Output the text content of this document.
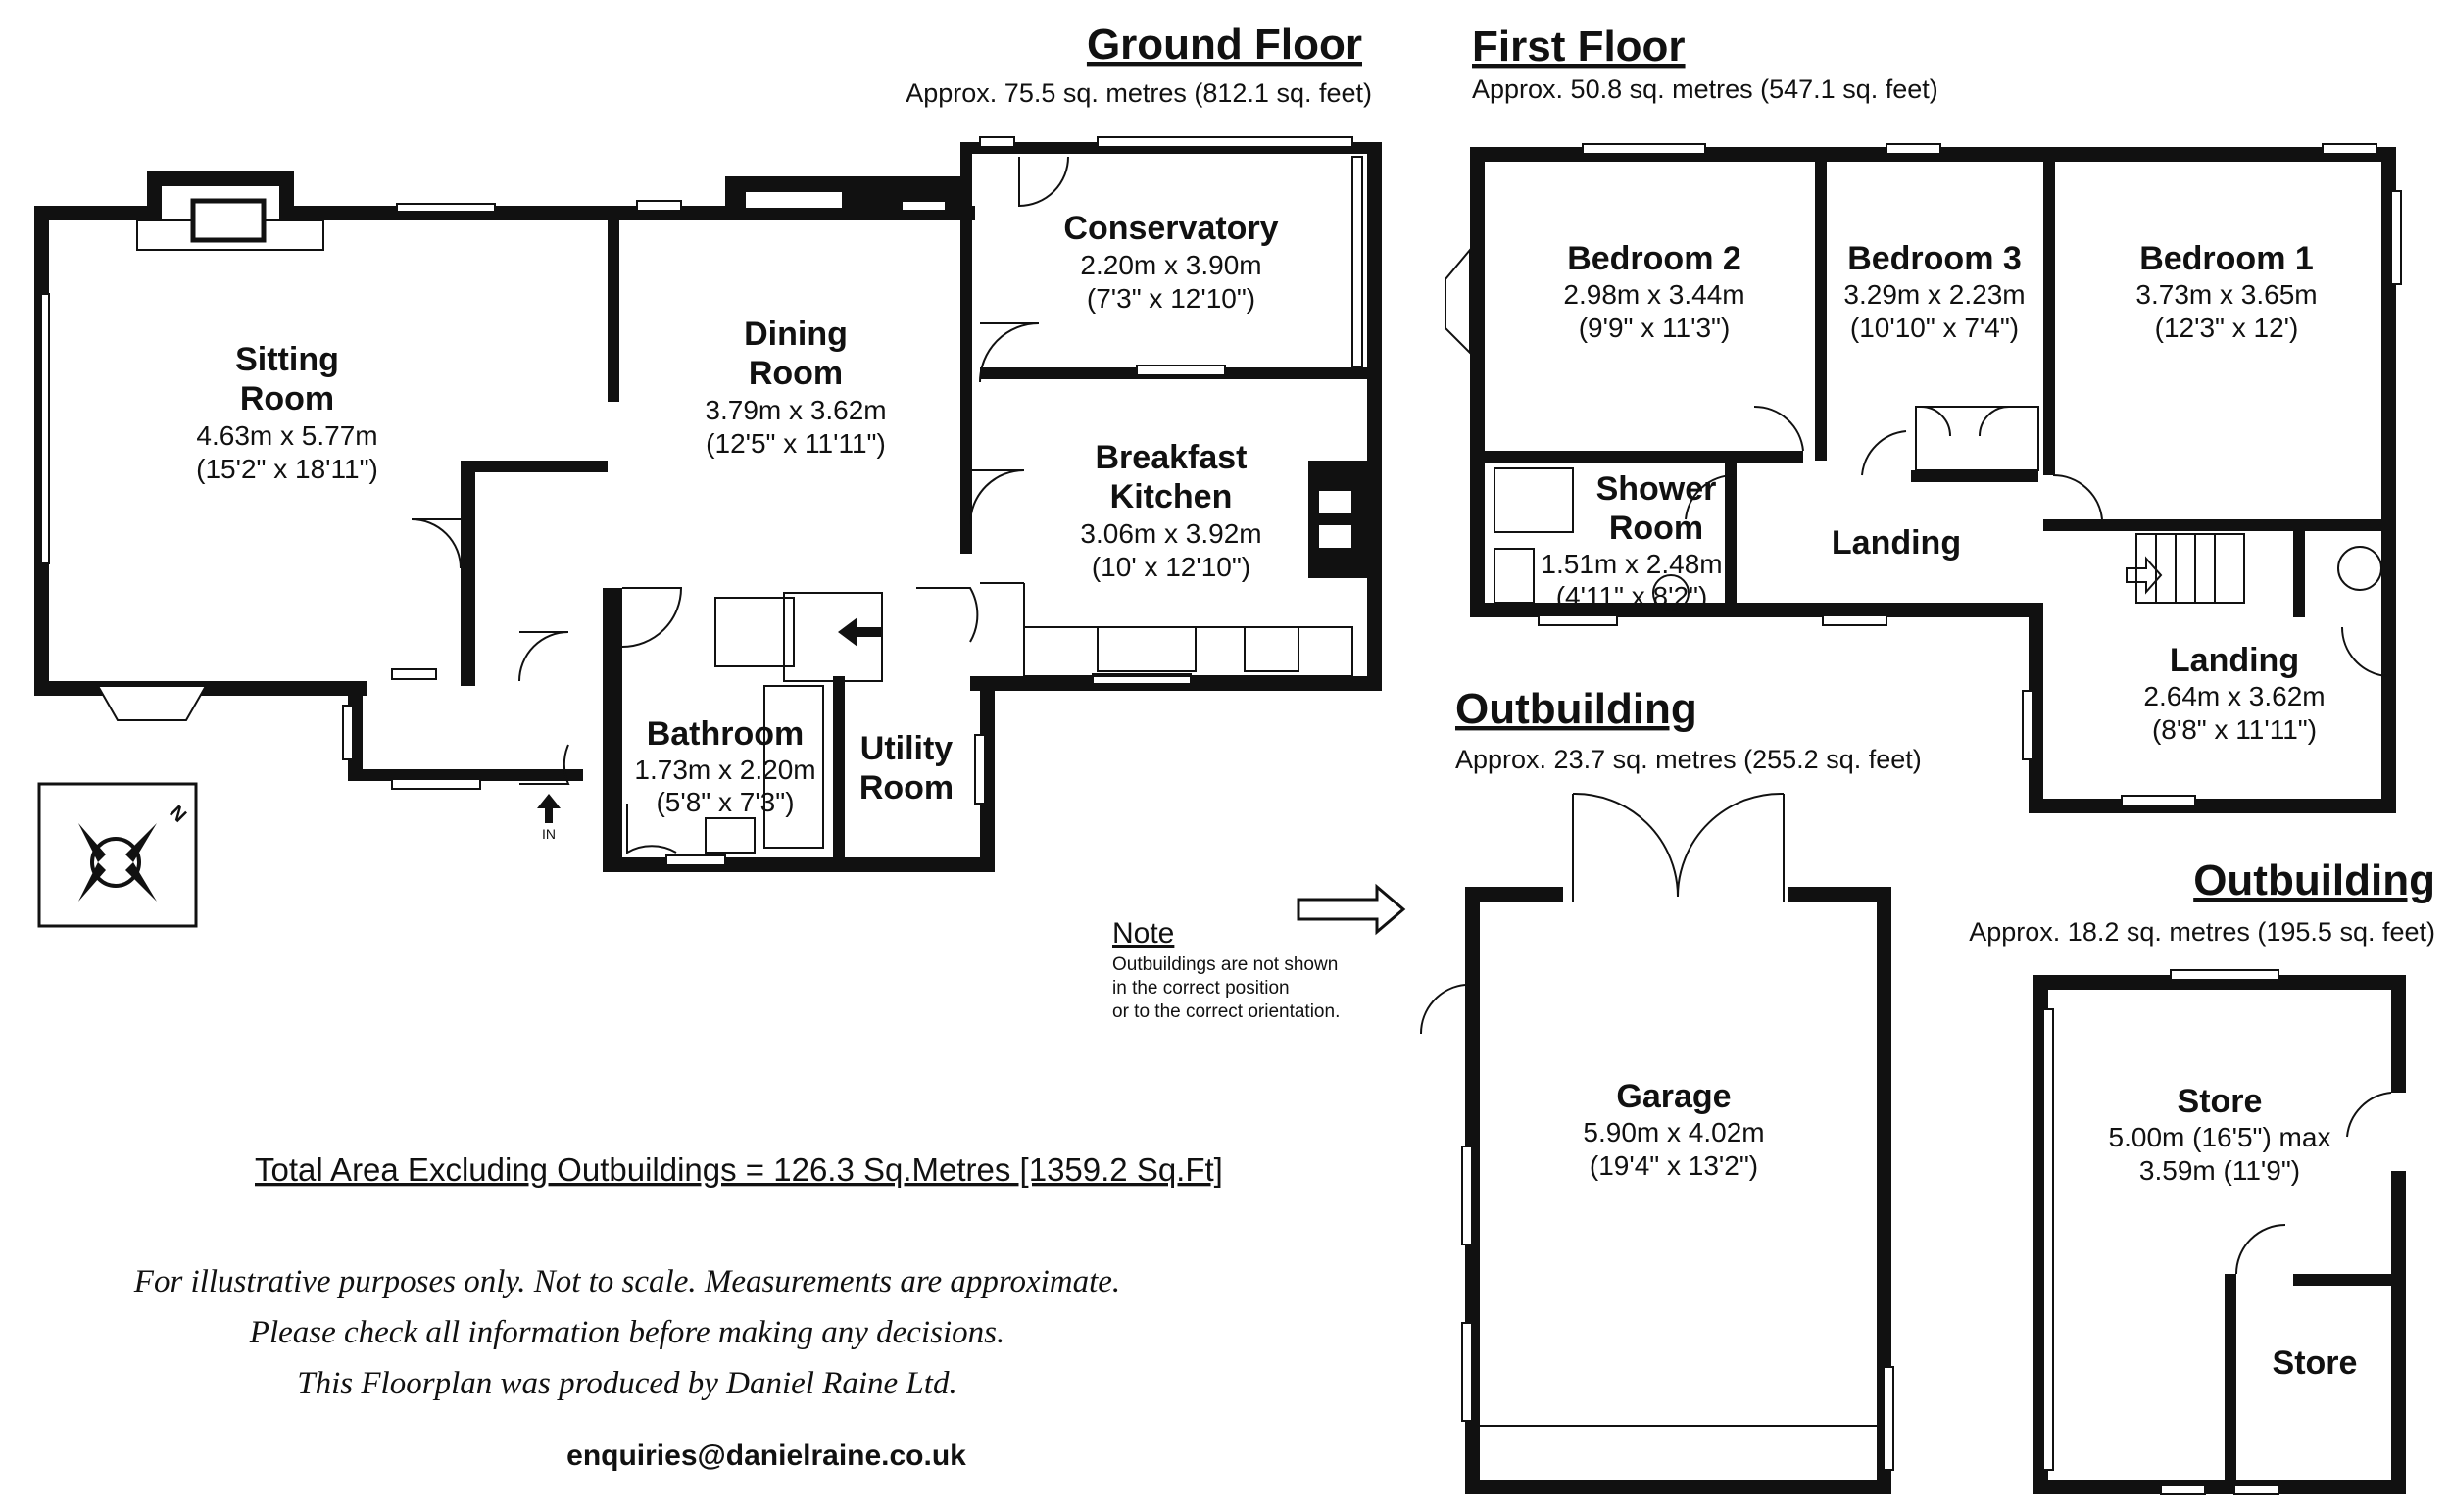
Sitting
Room
4.63m x 5.77m
(15'2" x 18'11")
Dining
Room
3.79m x 3.62m
(12'5" x 11'11")
Conservatory
2.20m x 3.90m
(7'3" x 12'10")
Breakfast
Kitchen
3.06m x 3.92m
(10' x 12'10")
Bathroom
1.73m x 2.20m
(5'8" x 7'3")
Utility
Room
IN
Ground Floor
Approx. 75.5 sq. metres (812.1 sq. feet)
N
First Floor
Approx. 50.8 sq. metres (547.1 sq. feet)
Bedroom 2
2.98m x 3.44m
(9'9" x 11'3")
Bedroom 3
3.29m x 2.23m
(10'10" x 7'4")
Bedroom 1
3.73m x 3.65m
(12'3" x 12')
Shower
Room
1.51m x 2.48m
(4'11" x 8'2")
Landing
Landing
2.64m x 3.62m
(8'8" x 11'11")
Outbuilding
Approx. 23.7 sq. metres (255.2 sq. feet)
Garage
5.90m x 4.02m
(19'4" x 13'2")
Outbuilding
Approx. 18.2 sq. metres (195.5 sq. feet)
Store
5.00m (16'5") max
3.59m (11'9")
Store
Note
Outbuildings are not shown
in the correct position
or to the correct orientation.
Total Area Excluding Outbuildings = 126.3 Sq.Metres [1359.2 Sq.Ft]
For illustrative purposes only. Not to scale. Measurements are approximate.
Please check all information before making any decisions.
This Floorplan was produced by Daniel Raine Ltd.
enquiries@danielraine.co.uk
